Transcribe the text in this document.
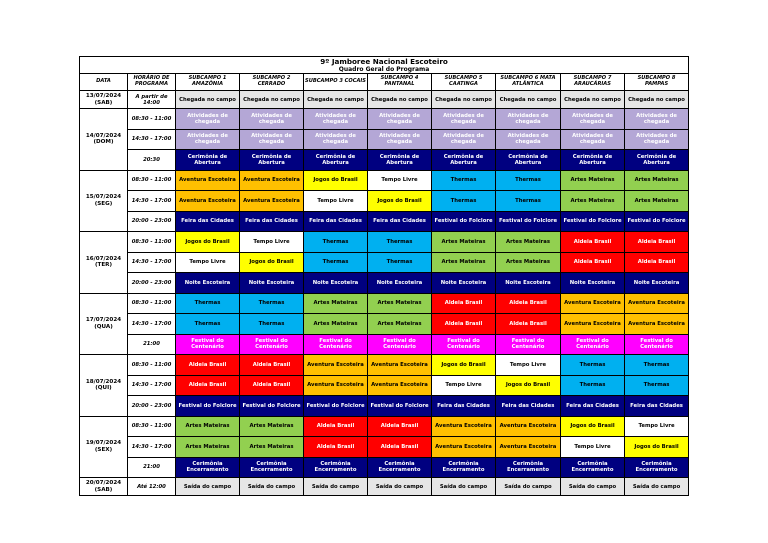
9º Jamboree Nacional Escoteiro									
Quadro Geral do Programa									
DATA	HORÁRIO DE PROGRAMA	SUBCAMPO 1 AMAZÔNIA	SUBCAMPO 2 CERRADO	SUBCAMPO 3 COCAIS	SUBCAMPO 4 PANTANAL	SUBCAMPO 5 CAATINGA	SUBCAMPO 6 MATA ATLÂNTICA	SUBCAMPO 7 ARAUCÁRIAS	SUBCAMPO 8 PAMPAS
13/07/2024 (SAB)	A partir de 14:00	Chegada no campo	Chegada no campo	Chegada no campo	Chegada no campo	Chegada no campo	Chegada no campo	Chegada no campo	Chegada no campo
14/07/2024 (DOM)	08:30 - 11:00	Atividades de chegada	Atividades de chegada	Atividades de chegada	Atividades de chegada	Atividades de chegada	Atividades de chegada	Atividades de chegada	Atividades de chegada
	14:30 - 17:00	Atividades de chegada	Atividades de chegada	Atividades de chegada	Atividades de chegada	Atividades de chegada	Atividades de chegada	Atividades de chegada	Atividades de chegada
	20:30	Cerimônia de Abertura	Cerimônia de Abertura	Cerimônia de Abertura	Cerimônia de Abertura	Cerimônia de Abertura	Cerimônia de Abertura	Cerimônia de Abertura	Cerimônia de Abertura
15/07/2024 (SEG)	08:30 - 11:00	Aventura Escoteira	Aventura Escoteira	Jogos do Brasil	Tempo Livre	Thermas	Thermas	Artes Mateiras	Artes Mateiras
	14:30 - 17:00	Aventura Escoteira	Aventura Escoteira	Tempo Livre	Jogos do Brasil	Thermas	Thermas	Artes Mateiras	Artes Mateiras
	20:00 - 23:00	Feira das Cidades	Feira das Cidades	Feira das Cidades	Feira das Cidades	Festival do Folclore	Festival do Folclore	Festival do Folclore	Festival do Folclore
16/07/2024 (TER)	08:30 - 11:00	Jogos do Brasil	Tempo Livre	Thermas	Thermas	Artes Mateiras	Artes Mateiras	Aldeia Brasil	Aldeia Brasil
	14:30 - 17:00	Tempo Livre	Jogos do Brasil	Thermas	Thermas	Artes Mateiras	Artes Mateiras	Aldeia Brasil	Aldeia Brasil
	20:00 - 23:00	Noite Escoteira	Noite Escoteira	Noite Escoteira	Noite Escoteira	Noite Escoteira	Noite Escoteira	Noite Escoteira	Noite Escoteira
17/07/2024 (QUA)	08:30 - 11:00	Thermas	Thermas	Artes Mateiras	Artes Mateiras	Aldeia Brasil	Aldeia Brasil	Aventura Escoteira	Aventura Escoteira
	14:30 - 17:00	Thermas	Thermas	Artes Mateiras	Artes Mateiras	Aldeia Brasil	Aldeia Brasil	Aventura Escoteira	Aventura Escoteira
	21:00	Festival do Centenário	Festival do Centenário	Festival do Centenário	Festival do Centenário	Festival do Centenário	Festival do Centenário	Festival do Centenário	Festival do Centenário
18/07/2024 (QUI)	08:30 - 11:00	Aldeia Brasil	Aldeia Brasil	Aventura Escoteira	Aventura Escoteira	Jogos do Brasil	Tempo Livre	Thermas	Thermas
	14:30 - 17:00	Aldeia Brasil	Aldeia Brasil	Aventura Escoteira	Aventura Escoteira	Tempo Livre	Jogos do Brasil	Thermas	Thermas
	20:00 - 23:00	Festival do Folclore	Festival do Folclore	Festival do Folclore	Festival do Folclore	Feira das Cidades	Feira das Cidades	Feira das Cidades	Feira das Cidades
19/07/2024 (SEX)	08:30 - 11:00	Artes Mateiras	Artes Mateiras	Aldeia Brasil	Aldeia Brasil	Aventura Escoteira	Aventura Escoteira	Jogos do Brasil	Tempo Livre
	14:30 - 17:00	Artes Mateiras	Artes Mateiras	Aldeia Brasil	Aldeia Brasil	Aventura Escoteira	Aventura Escoteira	Tempo Livre	Jogos do Brasil
	21:00	Cerimônia Encerramento	Cerimônia Encerramento	Cerimônia Encerramento	Cerimônia Encerramento	Cerimônia Encerramento	Cerimônia Encerramento	Cerimônia Encerramento	Cerimônia Encerramento
20/07/2024 (SAB)	Até 12:00	Saída do campo	Saída do campo	Saída do campo	Saída do campo	Saída do campo	Saída do campo	Saída do campo	Saída do campo
